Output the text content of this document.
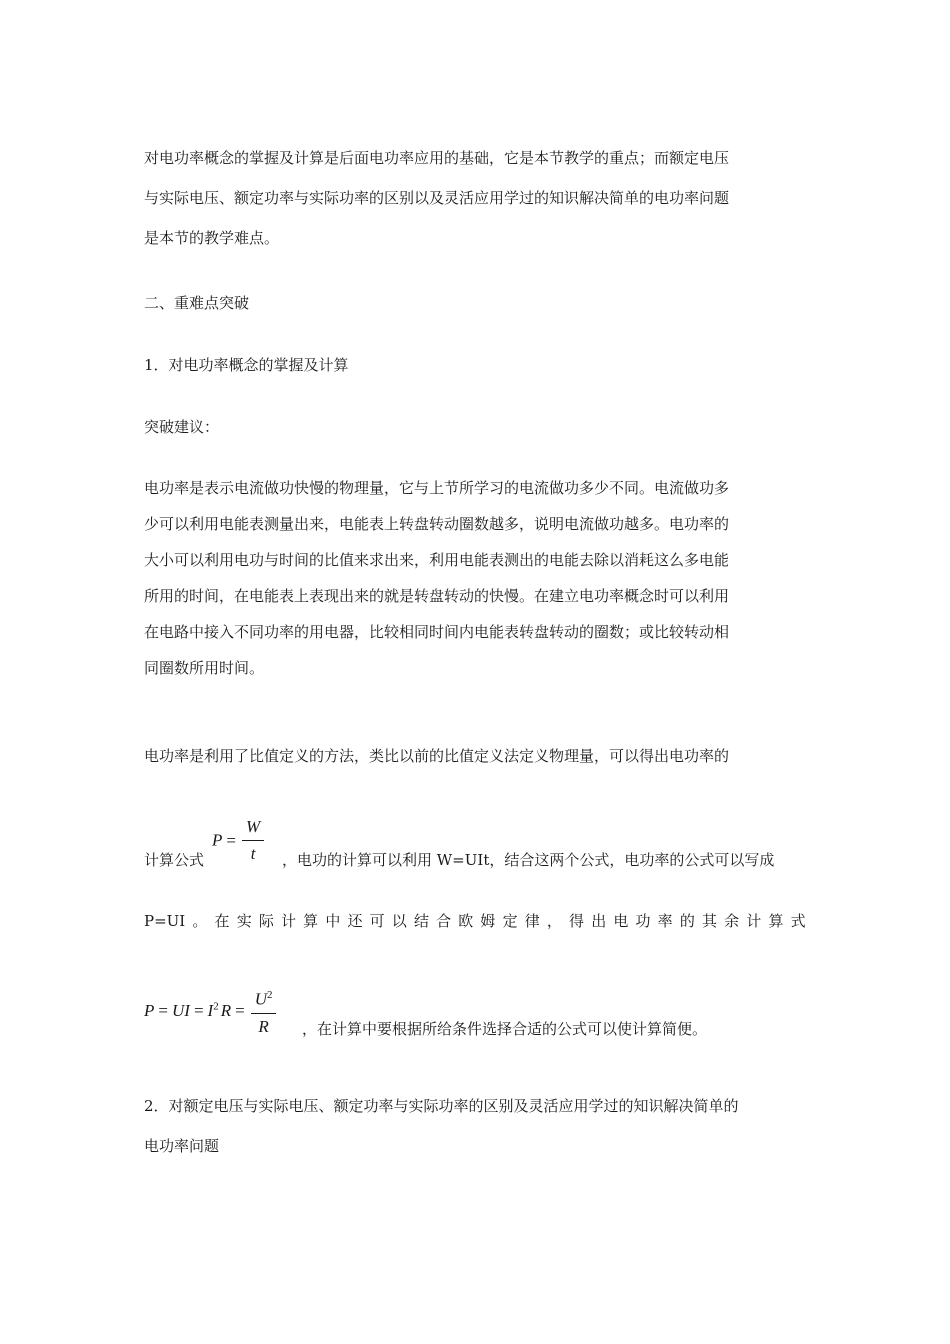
对电功率概念的掌握及计算是后面电功率应用的基础，它是本节教学的重点；而额定电压

与实际电压、额定功率与实际功率的区别以及灵活应用学过的知识解决简单的电功率问题

是本节的教学难点。

二、重难点突破

1．对电功率概念的掌握及计算

突破建议：

电功率是表示电流做功快慢的物理量，它与上节所学习的电流做功多少不同。电流做功多

少可以利用电能表测量出来，电能表上转盘转动圈数越多，说明电流做功越多。电功率的

大小可以利用电功与时间的比值来求出来，利用电能表测出的电能去除以消耗这么多电能

所用的时间，在电能表上表现出来的就是转盘转动的快慢。在建立电功率概念时可以利用

在电路中接入不同功率的用电器，比较相同时间内电能表转盘转动的圈数；或比较转动相

同圈数所用时间。

电功率是利用了比值定义的方法，类比以前的比值定义法定义物理量，可以得出电功率的

计算公式
$P = \frac{W}{t}$ ，电功的计算可以利用 W=UIt，结合这两个公式，电功率的公式可以写成
P=UI 。 在 实 际 计 算 中 还 可 以 结 合 欧 姆 定 律 ， 得 出 电 功 率 的 其 余 计 算 式
P = UI = $I^2$ $R = \frac{U^2}{R}$ ，在计算中要根据所给条件选择合适的公式可以使计算简便。

2．对额定电压与实际电压、额定功率与实际功率的区别及灵活应用学过的知识解决简单的

电功率问题
